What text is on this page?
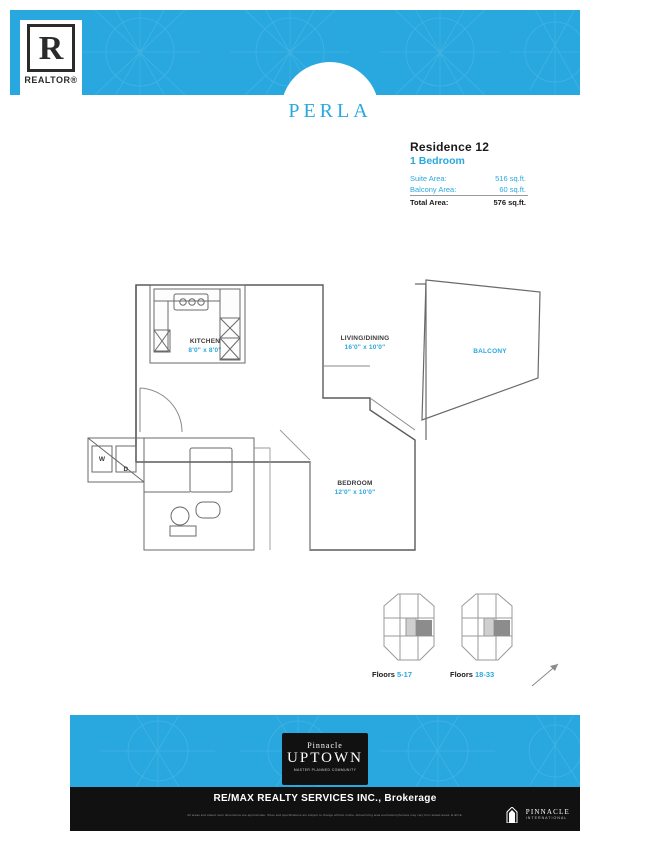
R
REALTOR®
PERLA
Residence 12
1 Bedroom
Suite Area:	516 sq.ft.
Balcony Area:	60 sq.ft.
Total Area:	576 sq.ft.
KITCHEN
8'0" x 8'0"
LIVING/DINING
16'0" x 10'0"
BEDROOM
12'0" x 10'0"
BALCONY
W
D
Floors 5-17	Floors 18-33
Pinnacle
UPTOWN
MASTER PLANNED COMMUNITY
RE/MAX REALTY SERVICES INC., Brokerage
All areas and stated room dimensions are approximate. Sizes and specifications are subject to change without notice. Actual living area and balcony/terrace may vary from stated areas. E.&O.E.	PINNACLE
INTERNATIONAL
